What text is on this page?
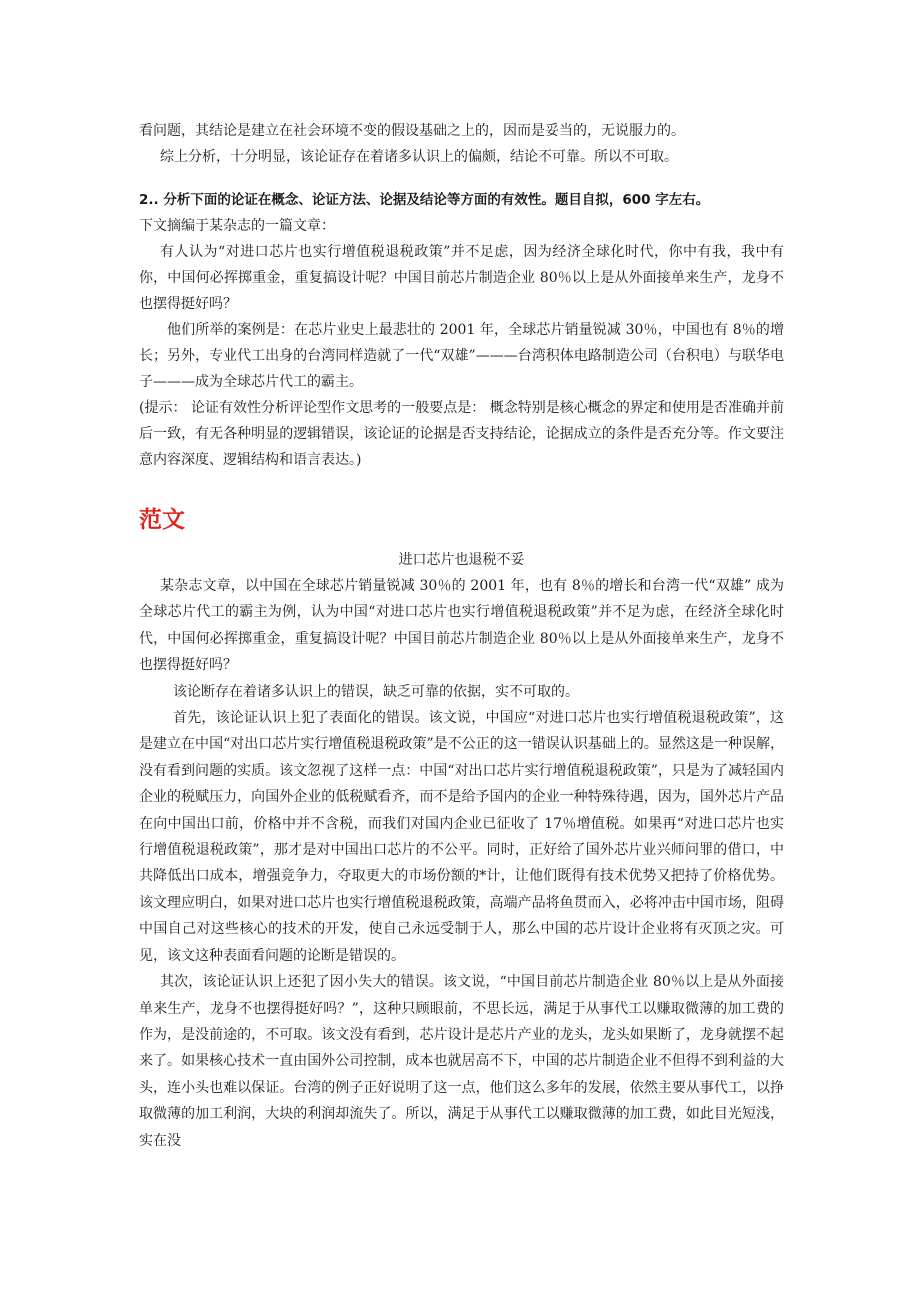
看问题，其结论是建立在社会环境不变的假设基础之上的，因而是妥当的，无说服力的。

综上分析，十分明显，该论证存在着诸多认识上的偏颇，结论不可靠。所以不可取。

2.. 分析下面的论证在概念、论证方法、论据及结论等方面的有效性。题目自拟，600 字左右。

下文摘编于某杂志的一篇文章：

有人认为“对进口芯片也实行增值税退税政策”并不足虑，因为经济全球化时代，你中有我，我中有你，中国何必挥掷重金，重复搞设计呢？中国目前芯片制造企业 80％以上是从外面接单来生产，龙身不也摆得挺好吗？

他们所举的案例是：在芯片业史上最悲壮的 2001 年，全球芯片销量锐减 30％，中国也有 8％的增长；另外，专业代工出身的台湾同样造就了一代“双雄”———台湾积体电路制造公司（台积电）与联华电子———成为全球芯片代工的霸主。

(提示： 论证有效性分析评论型作文思考的一般要点是： 概念特别是核心概念的界定和使用是否准确并前后一致，有无各种明显的逻辑错误，该论证的论据是否支持结论，论据成立的条件是否充分等。作文要注意内容深度、逻辑结构和语言表达。)

范文

进口芯片也退税不妥

某杂志文章，以中国在全球芯片销量锐减 30％的 2001 年，也有 8％的增长和台湾一代“双雄” 成为全球芯片代工的霸主为例，认为中国“对进口芯片也实行增值税退税政策”并不足为虑，在经济全球化时代，中国何必挥掷重金，重复搞设计呢？中国目前芯片制造企业 80％以上是从外面接单来生产，龙身不也摆得挺好吗？

该论断存在着诸多认识上的错误，缺乏可靠的依据，实不可取的。

首先，该论证认识上犯了表面化的错误。该文说，中国应“对进口芯片也实行增值税退税政策”，这是建立在中国“对出口芯片实行增值税退税政策”是不公正的这一错误认识基础上的。显然这是一种误解，没有看到问题的实质。该文忽视了这样一点：中国“对出口芯片实行增值税退税政策”，只是为了减轻国内企业的税赋压力，向国外企业的低税赋看齐，而不是给予国内的企业一种特殊待遇，因为，国外芯片产品在向中国出口前，价格中并不含税，而我们对国内企业已征收了 17％增值税。如果再“对进口芯片也实行增值税退税政策”，那才是对中国出口芯片的不公平。同时，正好给了国外芯片业兴师问罪的借口，中共降低出口成本，增强竞争力，夺取更大的市场份额的*计，让他们既得有技术优势又把持了价格优势。该文理应明白，如果对进口芯片也实行增值税退税政策，高端产品将鱼贯而入，必将冲击中国市场，阻碍中国自己对这些核心的技术的开发，使自己永远受制于人，那么中国的芯片设计企业将有灭顶之灾。可见，该文这种表面看问题的论断是错误的。

其次，该论证认识上还犯了因小失大的错误。该文说，“中国目前芯片制造企业 80％以上是从外面接单来生产，龙身不也摆得挺好吗？”，这种只顾眼前，不思长远，满足于从事代工以赚取微薄的加工费的作为，是没前途的，不可取。该文没有看到，芯片设计是芯片产业的龙头，龙头如果断了，龙身就摆不起来了。如果核心技术一直由国外公司控制，成本也就居高不下，中国的芯片制造企业不但得不到利益的大头，连小头也难以保证。台湾的例子正好说明了这一点，他们这么多年的发展，依然主要从事代工，以挣取微薄的加工利润，大块的利润却流失了。所以，满足于从事代工以赚取微薄的加工费，如此目光短浅，实在没
